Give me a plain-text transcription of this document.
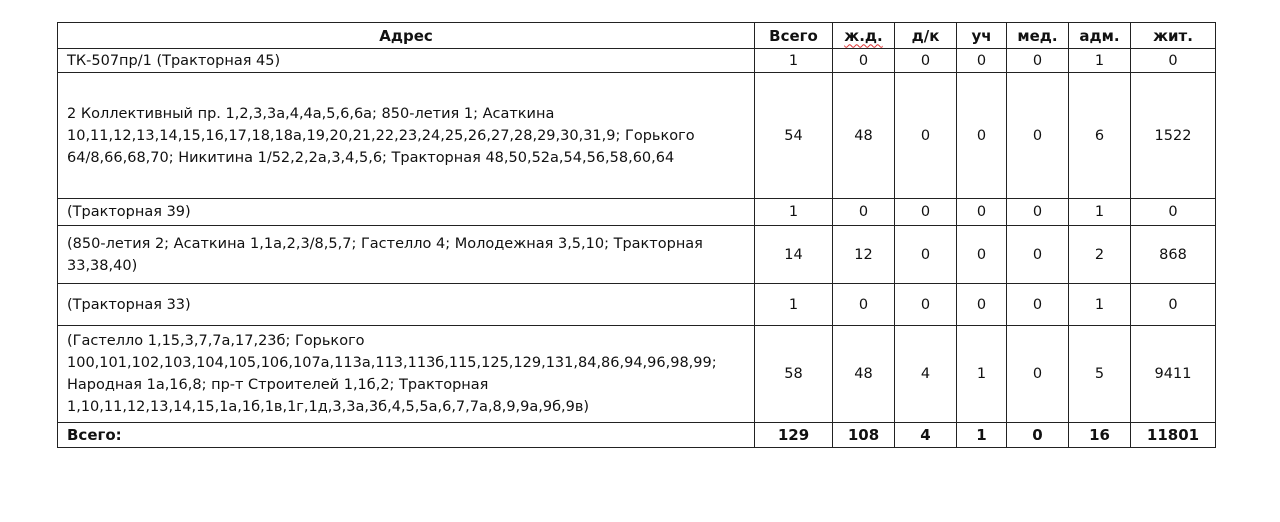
Адрес	Всего	ж.д.	д/к	уч	мед.	адм.	жит.
ТК-507пр/1 (Тракторная 45)	1	0	0	0	0	1	0
2 Коллективный пр. 1,2,3,3а,4,4а,5,6,6а; 850-летия 1; Асаткина 10,11,12,13,14,15,16,17,18,18а,19,20,21,22,23,24,25,26,27,28,29,30,31,9; Горького 64/8,66,68,70; Никитина 1/52,2,2а,3,4,5,6; Тракторная 48,50,52а,54,56,58,60,64	54	48	0	0	0	6	1522
(Тракторная 39)	1	0	0	0	0	1	0
(850-летия 2; Асаткина 1,1а,2,3/8,5,7; Гастелло 4; Молодежная 3,5,10; Тракторная 33,38,40)	14	12	0	0	0	2	868
(Тракторная 33)	1	0	0	0	0	1	0
(Гастелло 1,15,3,7,7а,17,23б; Горького 100,101,102,103,104,105,106,107а,113а,113,113б,115,125,129,131,84,86,94,96,98,99; Народная 1а,16,8; пр-т Строителей 1,1б,2; Тракторная 1,10,11,12,13,14,15,1а,1б,1в,1г,1д,3,3а,3б,4,5,5а,6,7,7а,8,9,9а,9б,9в)	58	48	4	1	0	5	9411
Всего:	129	108	4	1	0	16	11801
